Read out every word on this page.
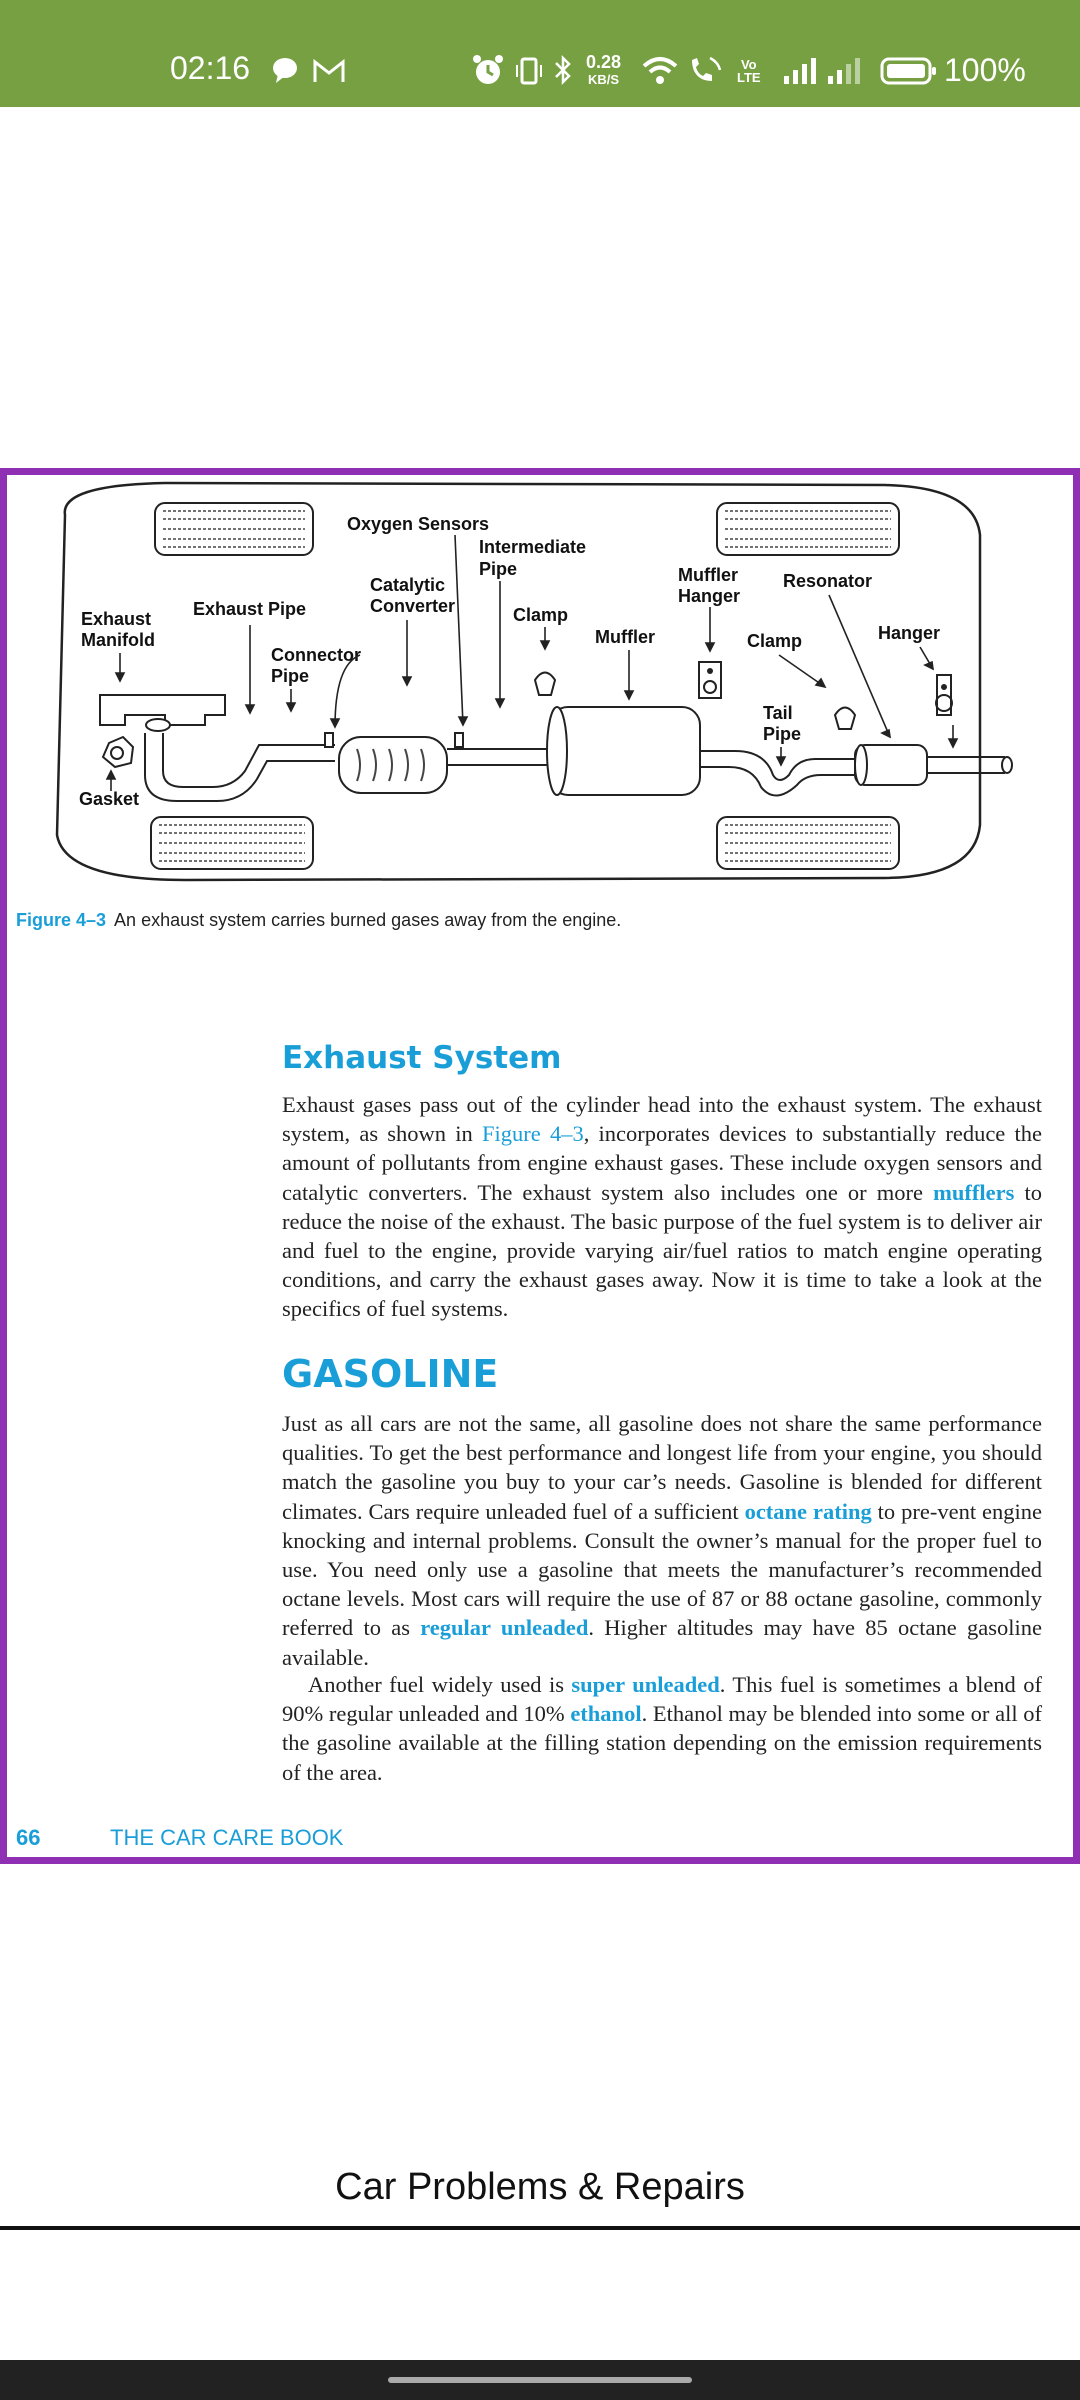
02:16	0.28
KB/S
Vo
LTE	100%
Oxygen Sensors
Intermediate
Pipe
Catalytic
Converter
Muffler
Hanger
Resonator
Exhaust Pipe
Exhaust
Manifold
Clamp
Muffler	Clamp	Hanger
Connector
Pipe
Tail
Pipe
Gasket
Figure 4–3 An exhaust system carries burned gases away from the engine.
Exhaust System
Exhaust gases pass out of the cylinder head into the exhaust system. The exhaust system, as shown in Figure 4–3, incorporates devices to substantially reduce the amount of pollutants from engine exhaust gases. These include oxygen sensors and catalytic converters. The exhaust system also includes one or more mufflers to reduce the noise of the exhaust. The basic purpose of the fuel system is to deliver air and fuel to the engine, provide varying air/fuel ratios to match engine operating conditions, and carry the exhaust gases away. Now it is time to take a look at the specifics of fuel systems.
GASOLINE
Just as all cars are not the same, all gasoline does not share the same performance qualities. To get the best performance and longest life from your engine, you should match the gasoline you buy to your car’s needs. Gasoline is blended for different climates. Cars require unleaded fuel of a sufficient octane rating to pre-vent engine knocking and internal problems. Consult the owner’s manual for the proper fuel to use. You need only use a gasoline that meets the manufacturer’s recommended octane levels. Most cars will require the use of 87 or 88 octane gasoline, commonly referred to as regular unleaded. Higher altitudes may have 85 octane gasoline available.
Another fuel widely used is super unleaded. This fuel is sometimes a blend of 90% regular unleaded and 10% ethanol. Ethanol may be blended into some or all of the gasoline available at the filling station depending on the emission requirements of the area.
66	THE CAR CARE BOOK
Car Problems & Repairs
